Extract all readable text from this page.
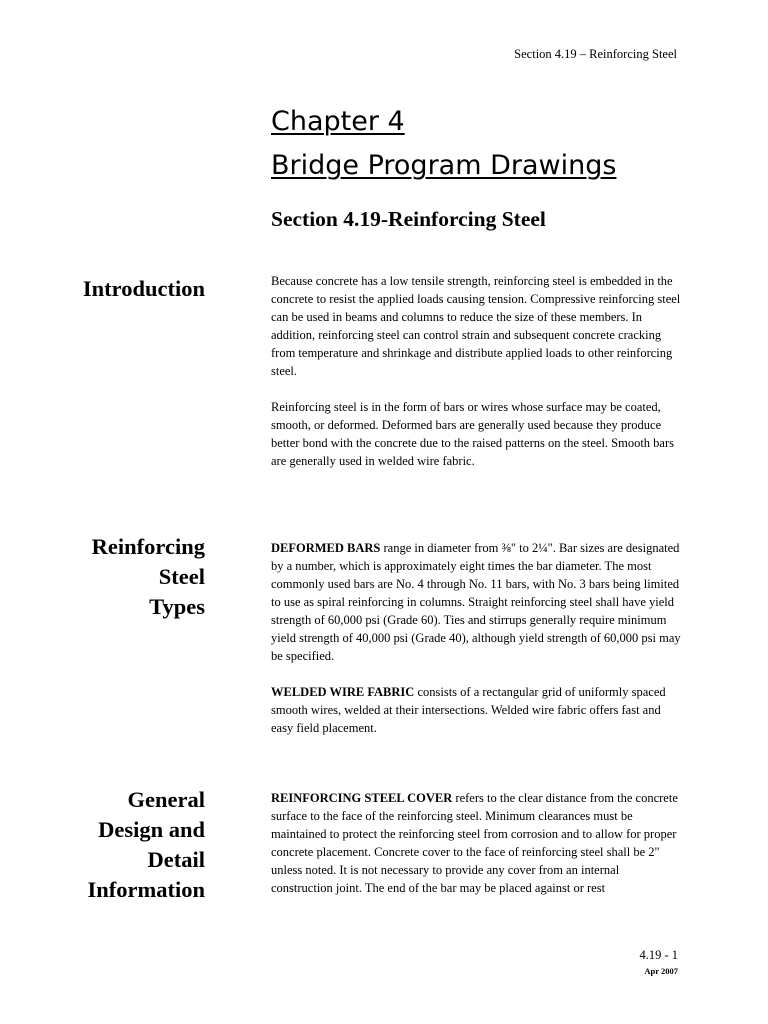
Section 4.19 – Reinforcing Steel
Chapter 4
Bridge Program Drawings
Section 4.19-Reinforcing Steel
Introduction	Because concrete has a low tensile strength, reinforcing steel is embedded in the concrete to resist the applied loads causing tension. Compressive reinforcing steel can be used in beams and columns to reduce the size of these members. In addition, reinforcing steel can control strain and subsequent concrete cracking from temperature and shrinkage and distribute applied loads to other reinforcing steel.

Reinforcing steel is in the form of bars or wires whose surface may be coated, smooth, or deformed. Deformed bars are generally used because they produce better bond with the concrete due to the raised patterns on the steel. Smooth bars are generally used in welded wire fabric.

Reinforcing
Steel
Types

DEFORMED BARS range in diameter from ⅜" to 2¼". Bar sizes are designated by a number, which is approximately eight times the bar diameter. The most commonly used bars are No. 4 through No. 11 bars, with No. 3 bars being limited to use as spiral reinforcing in columns. Straight reinforcing steel shall have yield strength of 60,000 psi (Grade 60). Ties and stirrups generally require minimum yield strength of 40,000 psi (Grade 40), although yield strength of 60,000 psi may be specified.

WELDED WIRE FABRIC consists of a rectangular grid of uniformly spaced smooth wires, welded at their intersections. Welded wire fabric offers fast and easy field placement.

General
Design and
Detail
Information

REINFORCING STEEL COVER refers to the clear distance from the concrete surface to the face of the reinforcing steel. Minimum clearances must be maintained to protect the reinforcing steel from corrosion and to allow for proper concrete placement. Concrete cover to the face of reinforcing steel shall be 2" unless noted. It is not necessary to provide any cover from an internal construction joint. The end of the bar may be placed against or rest

4.19 - 1
Apr 2007
